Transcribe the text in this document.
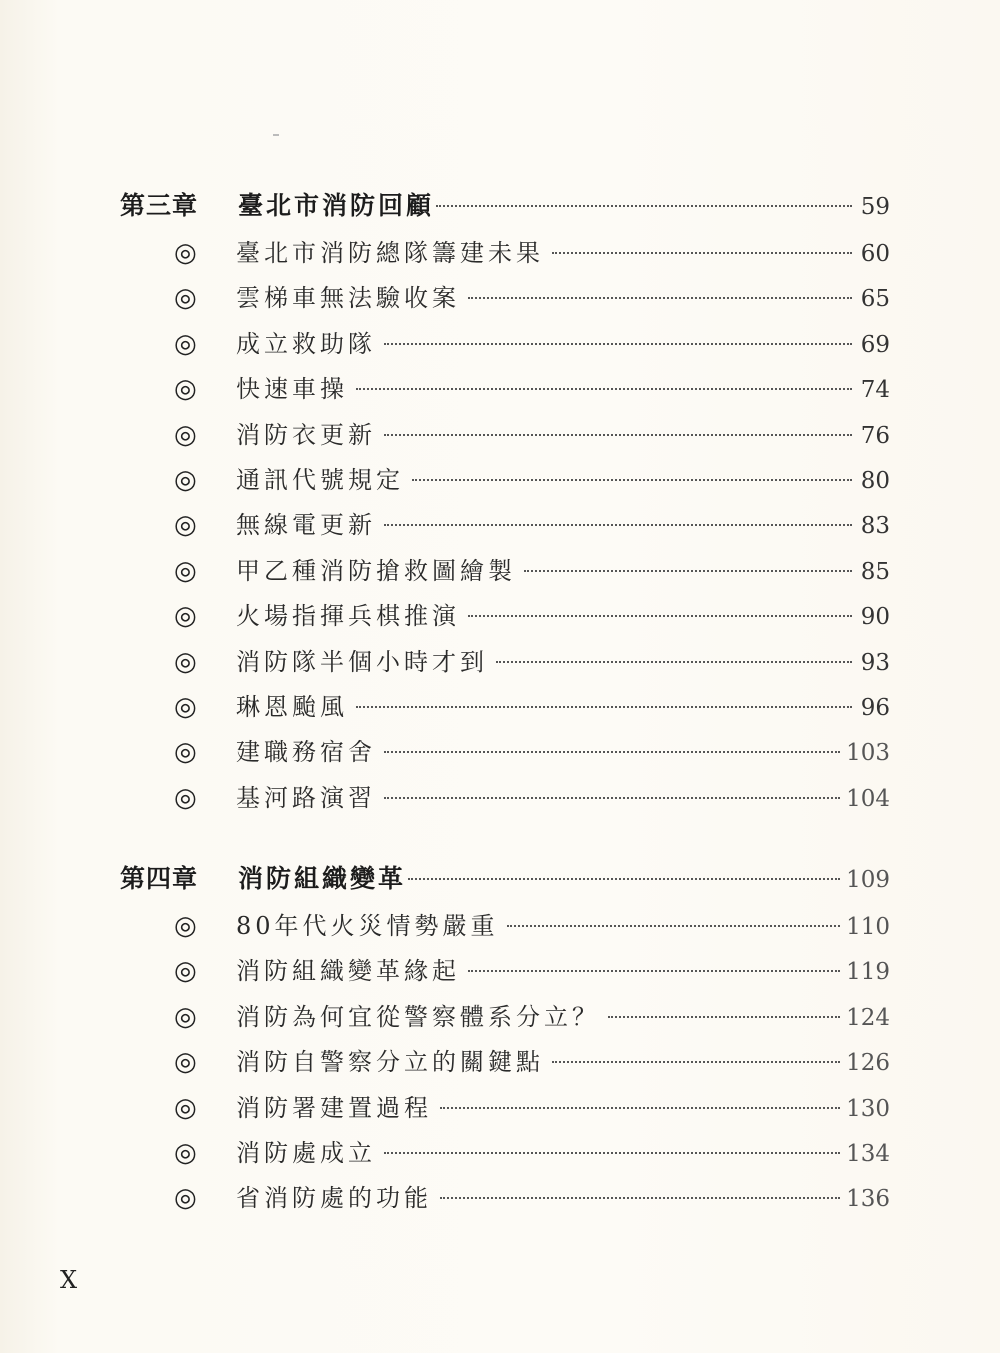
第三章	臺北市消防回顧	59
◎	臺北市消防總隊籌建未果	60
◎	雲梯車無法驗收案	65
◎	成立救助隊	69
◎	快速車操	74
◎	消防衣更新	76
◎	通訊代號規定	80
◎	無線電更新	83
◎	甲乙種消防搶救圖繪製	85
◎	火場指揮兵棋推演	90
◎	消防隊半個小時才到	93
◎	琳恩颱風	96
◎	建職務宿舍	103
◎	基河路演習	104
第四章	消防組織變革	109
◎	80年代火災情勢嚴重	110
◎	消防組織變革緣起	119
◎	消防為何宜從警察體系分立？	124
◎	消防自警察分立的關鍵點	126
◎	消防署建置過程	130
◎	消防處成立	134
◎	省消防處的功能	136
X
